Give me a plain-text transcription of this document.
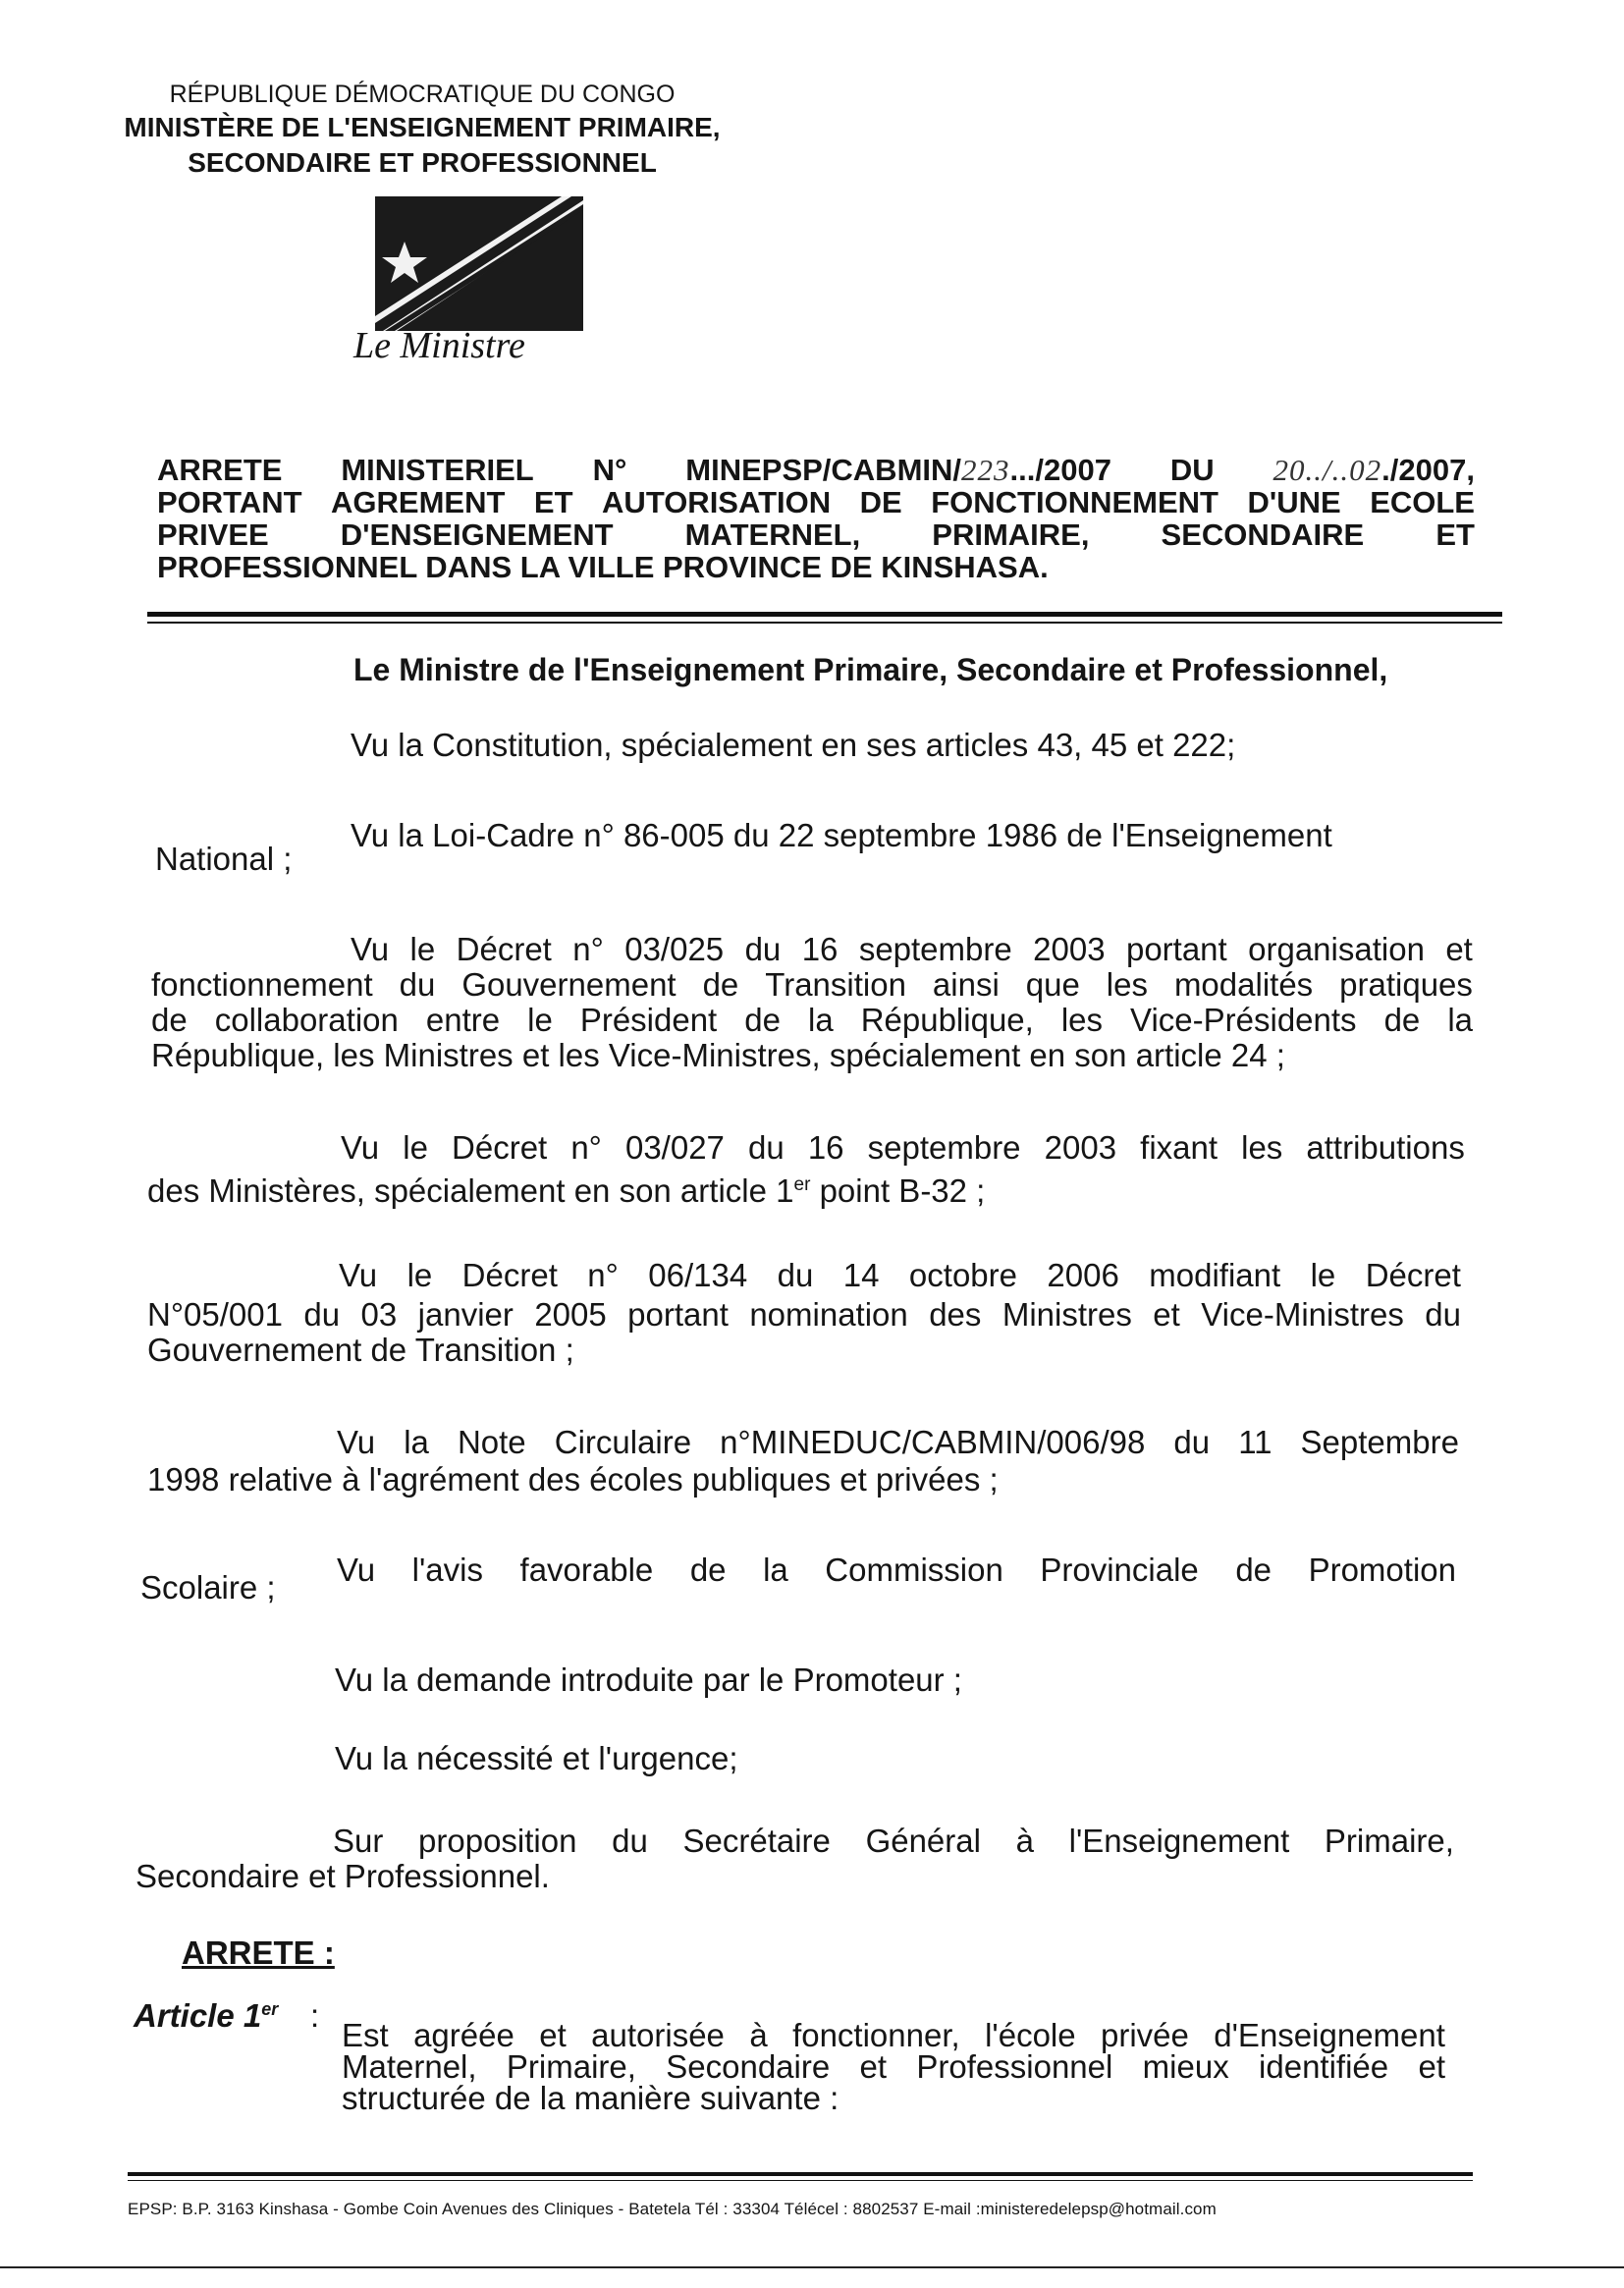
RÉPUBLIQUE DÉMOCRATIQUE DU CONGO
MINISTÈRE DE L'ENSEIGNEMENT PRIMAIRE,
SECONDAIRE ET PROFESSIONNEL
Le Ministre
ARRETE MINISTERIEL N° MINEPSP/CABMIN/223.../2007 DU 20../..02./2007,
PORTANT AGREMENT ET AUTORISATION DE FONCTIONNEMENT D'UNE ECOLE
PRIVEE D'ENSEIGNEMENT MATERNEL, PRIMAIRE, SECONDAIRE ET
PROFESSIONNEL DANS LA VILLE PROVINCE DE KINSHASA.
Le Ministre de l'Enseignement Primaire, Secondaire et Professionnel,
Vu la Constitution, spécialement en ses articles 43, 45 et 222;
Vu la Loi-Cadre n° 86-005 du 22 septembre 1986 de l'Enseignement
National ;
Vu le Décret n° 03/025 du 16 septembre 2003 portant organisation et
fonctionnement du Gouvernement de Transition ainsi que les modalités pratiques
de collaboration entre le Président de la République, les Vice-Présidents de la
République, les Ministres et les Vice-Ministres, spécialement en son article 24 ;
Vu le Décret n° 03/027 du 16 septembre 2003 fixant les attributions
des Ministères, spécialement en son article 1er point B-32 ;
Vu le Décret n° 06/134 du 14 octobre 2006 modifiant le Décret
N°05/001 du 03 janvier 2005 portant nomination des Ministres et Vice-Ministres du
Gouvernement de Transition ;
Vu la Note Circulaire n°MINEDUC/CABMIN/006/98 du 11 Septembre
1998 relative à l'agrément des écoles publiques et privées ;
Vu l'avis favorable de la Commission Provinciale de Promotion
Scolaire ;
Vu la demande introduite par le Promoteur ;
Vu la nécessité et l'urgence;
Sur proposition du Secrétaire Général à l'Enseignement Primaire,
Secondaire et Professionnel.
ARRETE :
Article 1er :
Est agréée et autorisée à fonctionner, l'école privée d'Enseignement
Maternel, Primaire, Secondaire et Professionnel mieux identifiée et
structurée de la manière suivante :
EPSP: B.P. 3163 Kinshasa - Gombe Coin Avenues des Cliniques - Batetela Tél : 33304 Télécel : 8802537 E-mail :ministeredelepsp@hotmail.com
